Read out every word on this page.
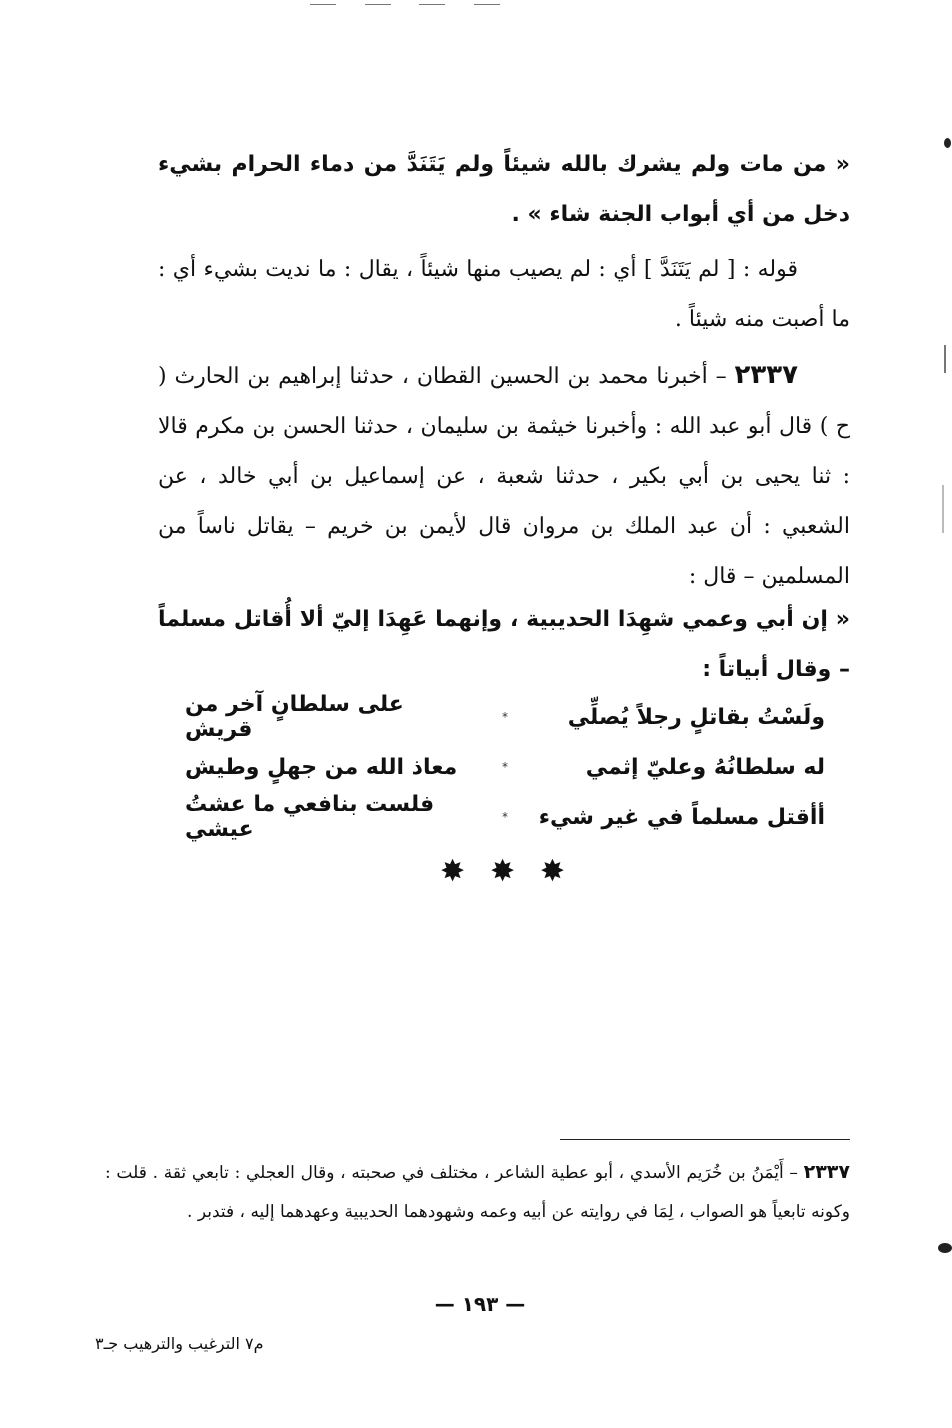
« من مات ولم يشرك بالله شيئاً ولم يَتَنَدَّ من دماء الحرام بشيء دخل من أي أبواب الجنة شاء » .
قوله : [ لم يَتَنَدَّ ] أي : لم يصيب منها شيئاً ، يقال : ما نديت بشيء أي : ما أصبت منه شيئاً .
٢٣٣٧ – أخبرنا محمد بن الحسين القطان ، حدثنا إبراهيم بن الحارث ( ح ) قال أبو عبد الله : وأخبرنا خيثمة بن سليمان ، حدثنا الحسن بن مكرم قالا : ثنا يحيى بن أبي بكير ، حدثنا شعبة ، عن إسماعيل بن أبي خالد ، عن الشعبي : أن عبد الملك بن مروان قال لأيمن بن خريم – يقاتل ناساً من المسلمين – قال :
« إن أبي وعمي شهِدَا الحديبية ، وإنهما عَهِدَا إليّ ألا أُقاتل مسلماً – وقال أبياتاً :
ولَسْتُ بقاتلٍ رجلاً يُصلِّي
*
على سلطانٍ آخر من قريش
له سلطانُهُ وعليّ إثمي
*
معاذ الله من جهلٍ وطيش
أأقتل مسلماً في غير شيء
*
فلست بنافعي ما عشتُ عيشي
✸
✸
✸
٢٣٣٧ – أَيْمَنُ بن خُرَيم الأسدي ، أبو عطية الشاعر ، مختلف في صحبته ، وقال العجلي : تابعي ثقة . قلت : وكونه تابعياً هو الصواب ، لِمَا في روايته عن أبيه وعمه وشهودهما الحديبية وعهدهما إليه ، فتدبر .
— ١٩٣ —
م٧ الترغيب والترهيب جـ٣
